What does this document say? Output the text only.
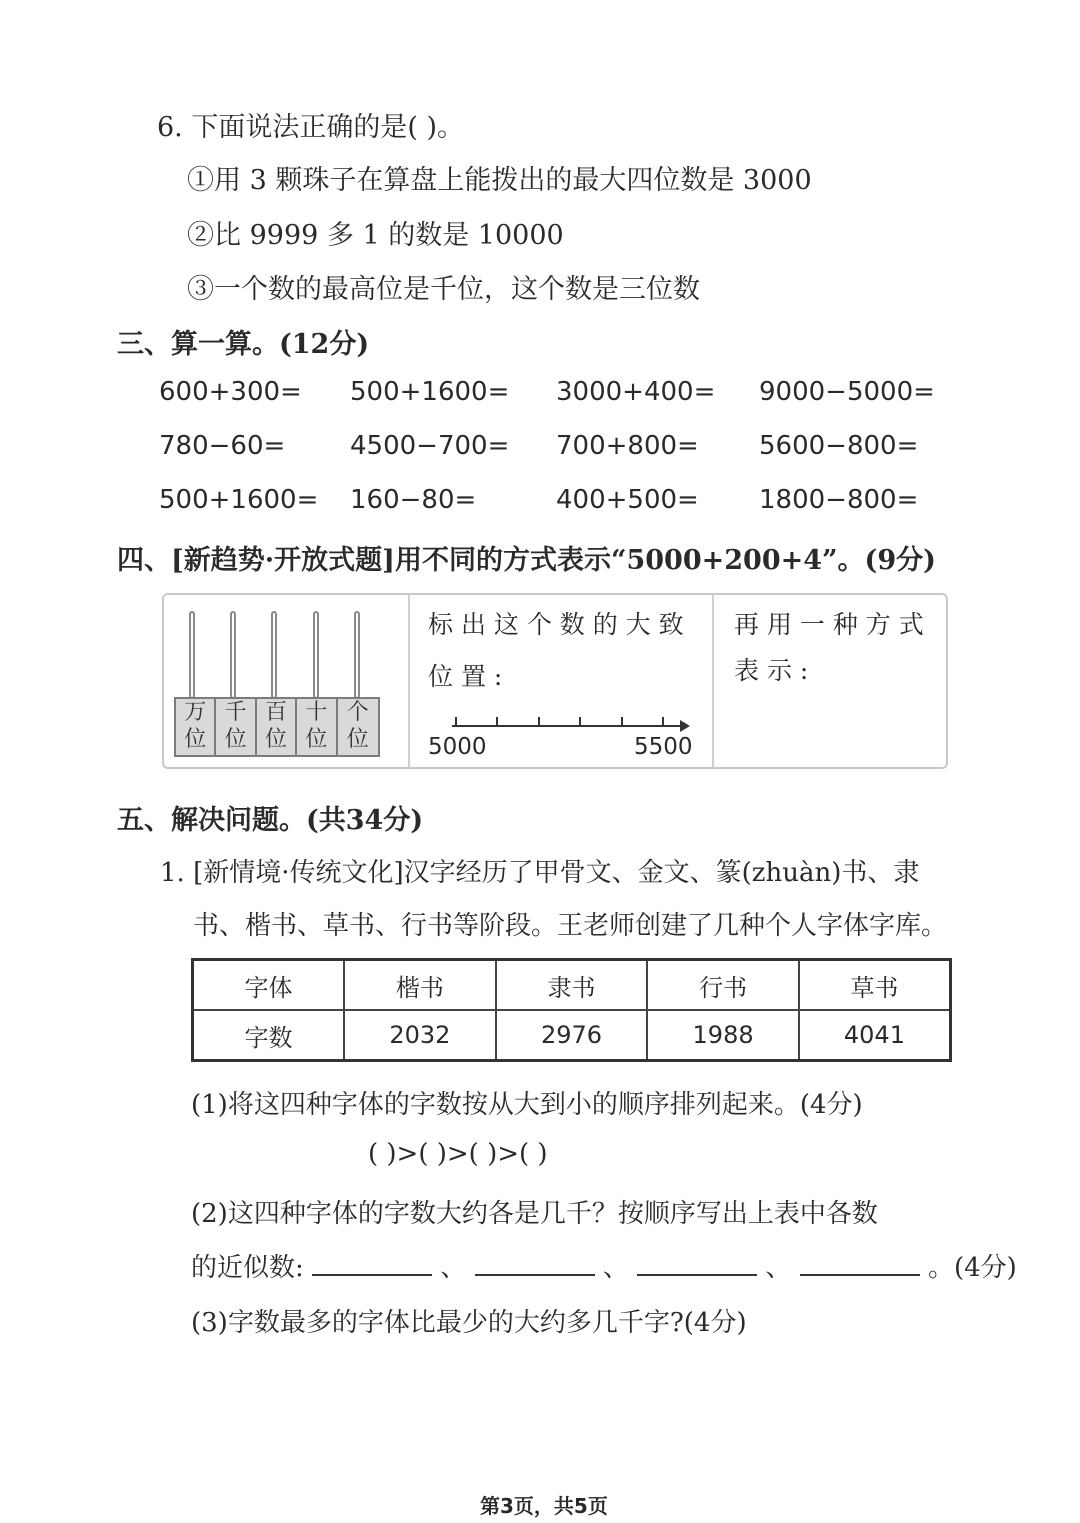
6. 下面说法正确的是( )。
①用 3 颗珠子在算盘上能拨出的最大四位数是 3000
②比 9999 多 1 的数是 10000
③一个数的最高位是千位，这个数是三位数
三、算一算。(12分)
600+300= 500+1600= 3000+400= 9000−5000=
780−60= 4500−700= 700+800= 5600−800=
500+1600= 160−80=	400+500= 1800−800=
四、[新趋势·开放式题]用不同的方式表示“5000+200+4”。(9分)
万
位
千
位
百
位
十
位
个
位
标 出 这 个 数 的 大 致
位 置 :
5000	5500
再 用 一 种 方 式
表 示 :
五、解决问题。(共34分)
1. [新情境·传统文化]汉字经历了甲骨文、金文、篆(zhuàn)书、隶
书、楷书、草书、行书等阶段。王老师创建了几种个人字体字库。
字体	楷书	隶书	行书	草书
字数	2032	2976	1988	4041
(1)将这四种字体的字数按从大到小的顺序排列起来。(4分)
( )>( )>( )>( )
(2)这四种字体的字数大约各是几千？按顺序写出上表中各数
的近似数:	、	、	、	。(4分)
(3)字数最多的字体比最少的大约多几千字?(4分)
第3页，共5页
